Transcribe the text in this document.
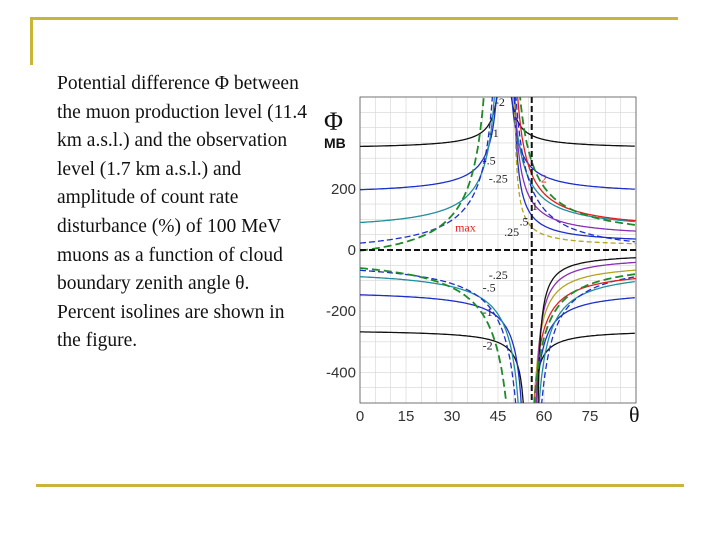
Potential difference Φ between the muon production level (11.4 km a.s.l.) and the observation level (1.7 km a.s.l.) and amplitude of count rate disturbance (%) of 100 MeV muons as a function of cloud boundary zenith angle θ. Percent isolines are shown in the figure.
0 15 30 45 60 75
200
0
-200
-400
-2
-1
-.5
-.25	2
1
.5
.25
max
-.25
-.5
-1
-2
Φ
MB
θ
